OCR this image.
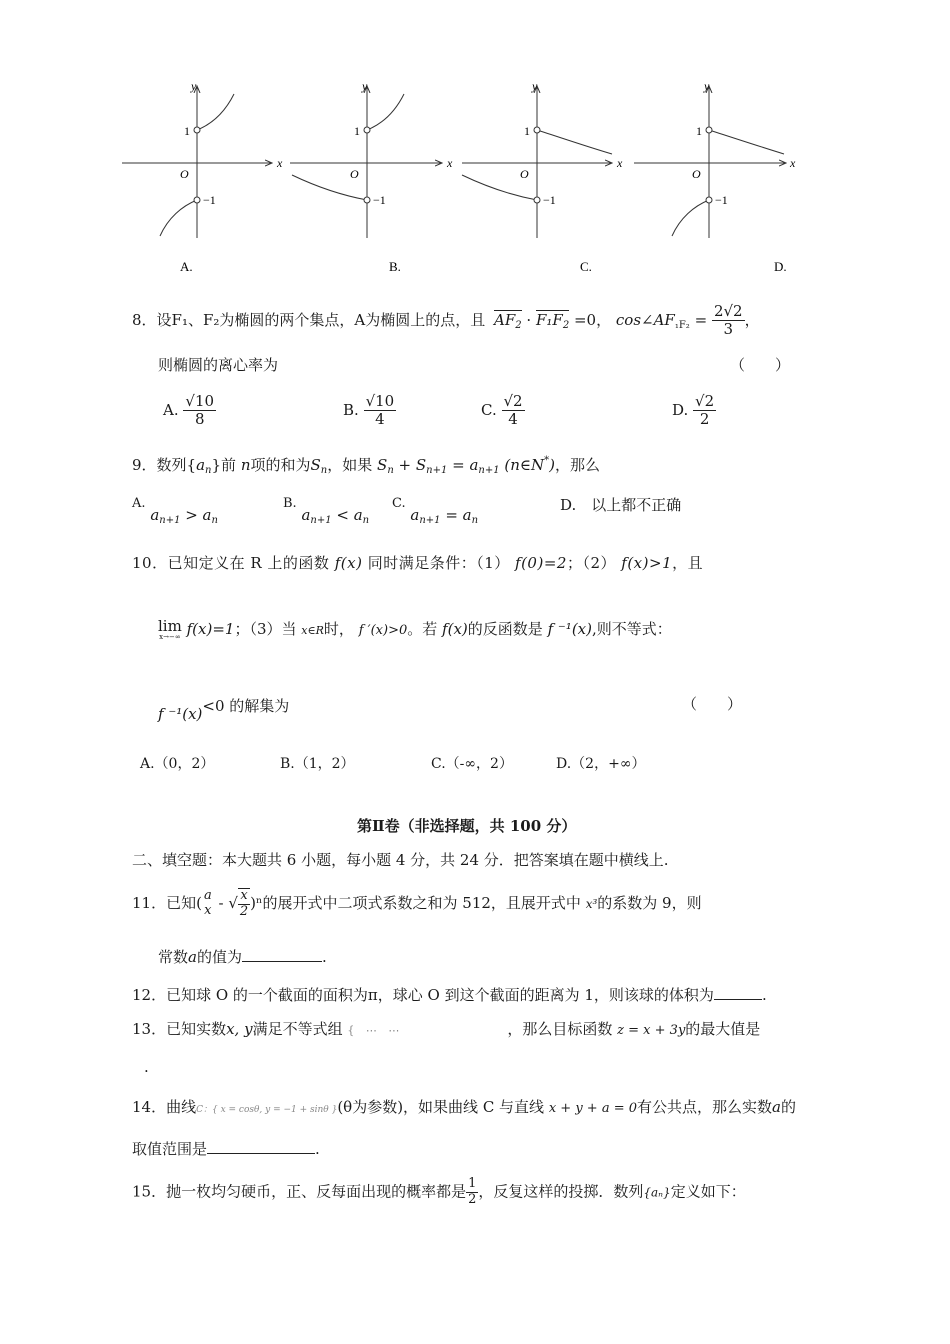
y
x
O
1
−1
A.
y
x
O
1
−1
B.
y
x
O
1
−1
C.
y
x
O
1
−1
D.
8．设F₁、F₂为椭圆的两个集点，A为椭圆上的点，且 $AF_2 \cdot F_1F_2 =0$， $\cos\angle AF_{_1F_2} = \frac{2√2}{3}$ ，
则椭圆的离心率为	（　　）
A. $\frac{√10}{8}$	B. $\frac{√10}{4}$	C. $\frac{√2}{4}$	D. $\frac{√2}{2}$
9．数列$\{a_n\}$前 n项的和为$S_n$，如果 $S_n + S_{n+1} = a_{n+1}$ (n∈N*)，那么
A. $a_{n+1} > a_n$
B. $a_{n+1} < a_n$
C. $a_{n+1} = a_n$
D.　以上都不正确
10．已知定义在 R 上的函数 f(x) 同时满足条件：（1） f(0)=2；（2） f(x)>1，且
lim
x→−∞ f(x)=1；（3）当 x∈R时， f ′(x)>0。若 f(x)的反函数是 f ⁻¹(x),则不等式：
f ⁻¹(x)<0 的解集为	（　　）
A.（0，2）	B.（1，2）	C.（-∞，2）	D.（2，+∞）
第Ⅱ卷（非选择题，共 100 分）
二、填空题：本大题共 6 小题，每小题 4 分，共 24 分．把答案填在题中横线上.
11．已知( $\frac{a}{x}$ - √ $\frac{x}{2} )^n$的展开式中二项式系数之和为 512，且展开式中 x³的系数为 9，则
常数a的值为	.
12．已知球 O 的一个截面的面积为π，球心 O 到这个截面的距离为 1，则该球的体积为	.
13．已知实数x, y满足不等式组 { ⋯ ⋯	，那么目标函数 z = x + 3y的最大值是
.
14．曲线C：{ x = cosθ, y = −1 + sinθ }(θ为参数)，如果曲线 C 与直线 x + y + a = 0有公共点，那么实数a的
取值范围是	.
15．抛一枚均匀硬币，正、反每面出现的概率都是 $\frac{1}{2}$ ，反复这样的投掷．数列{aₙ}定义如下：
